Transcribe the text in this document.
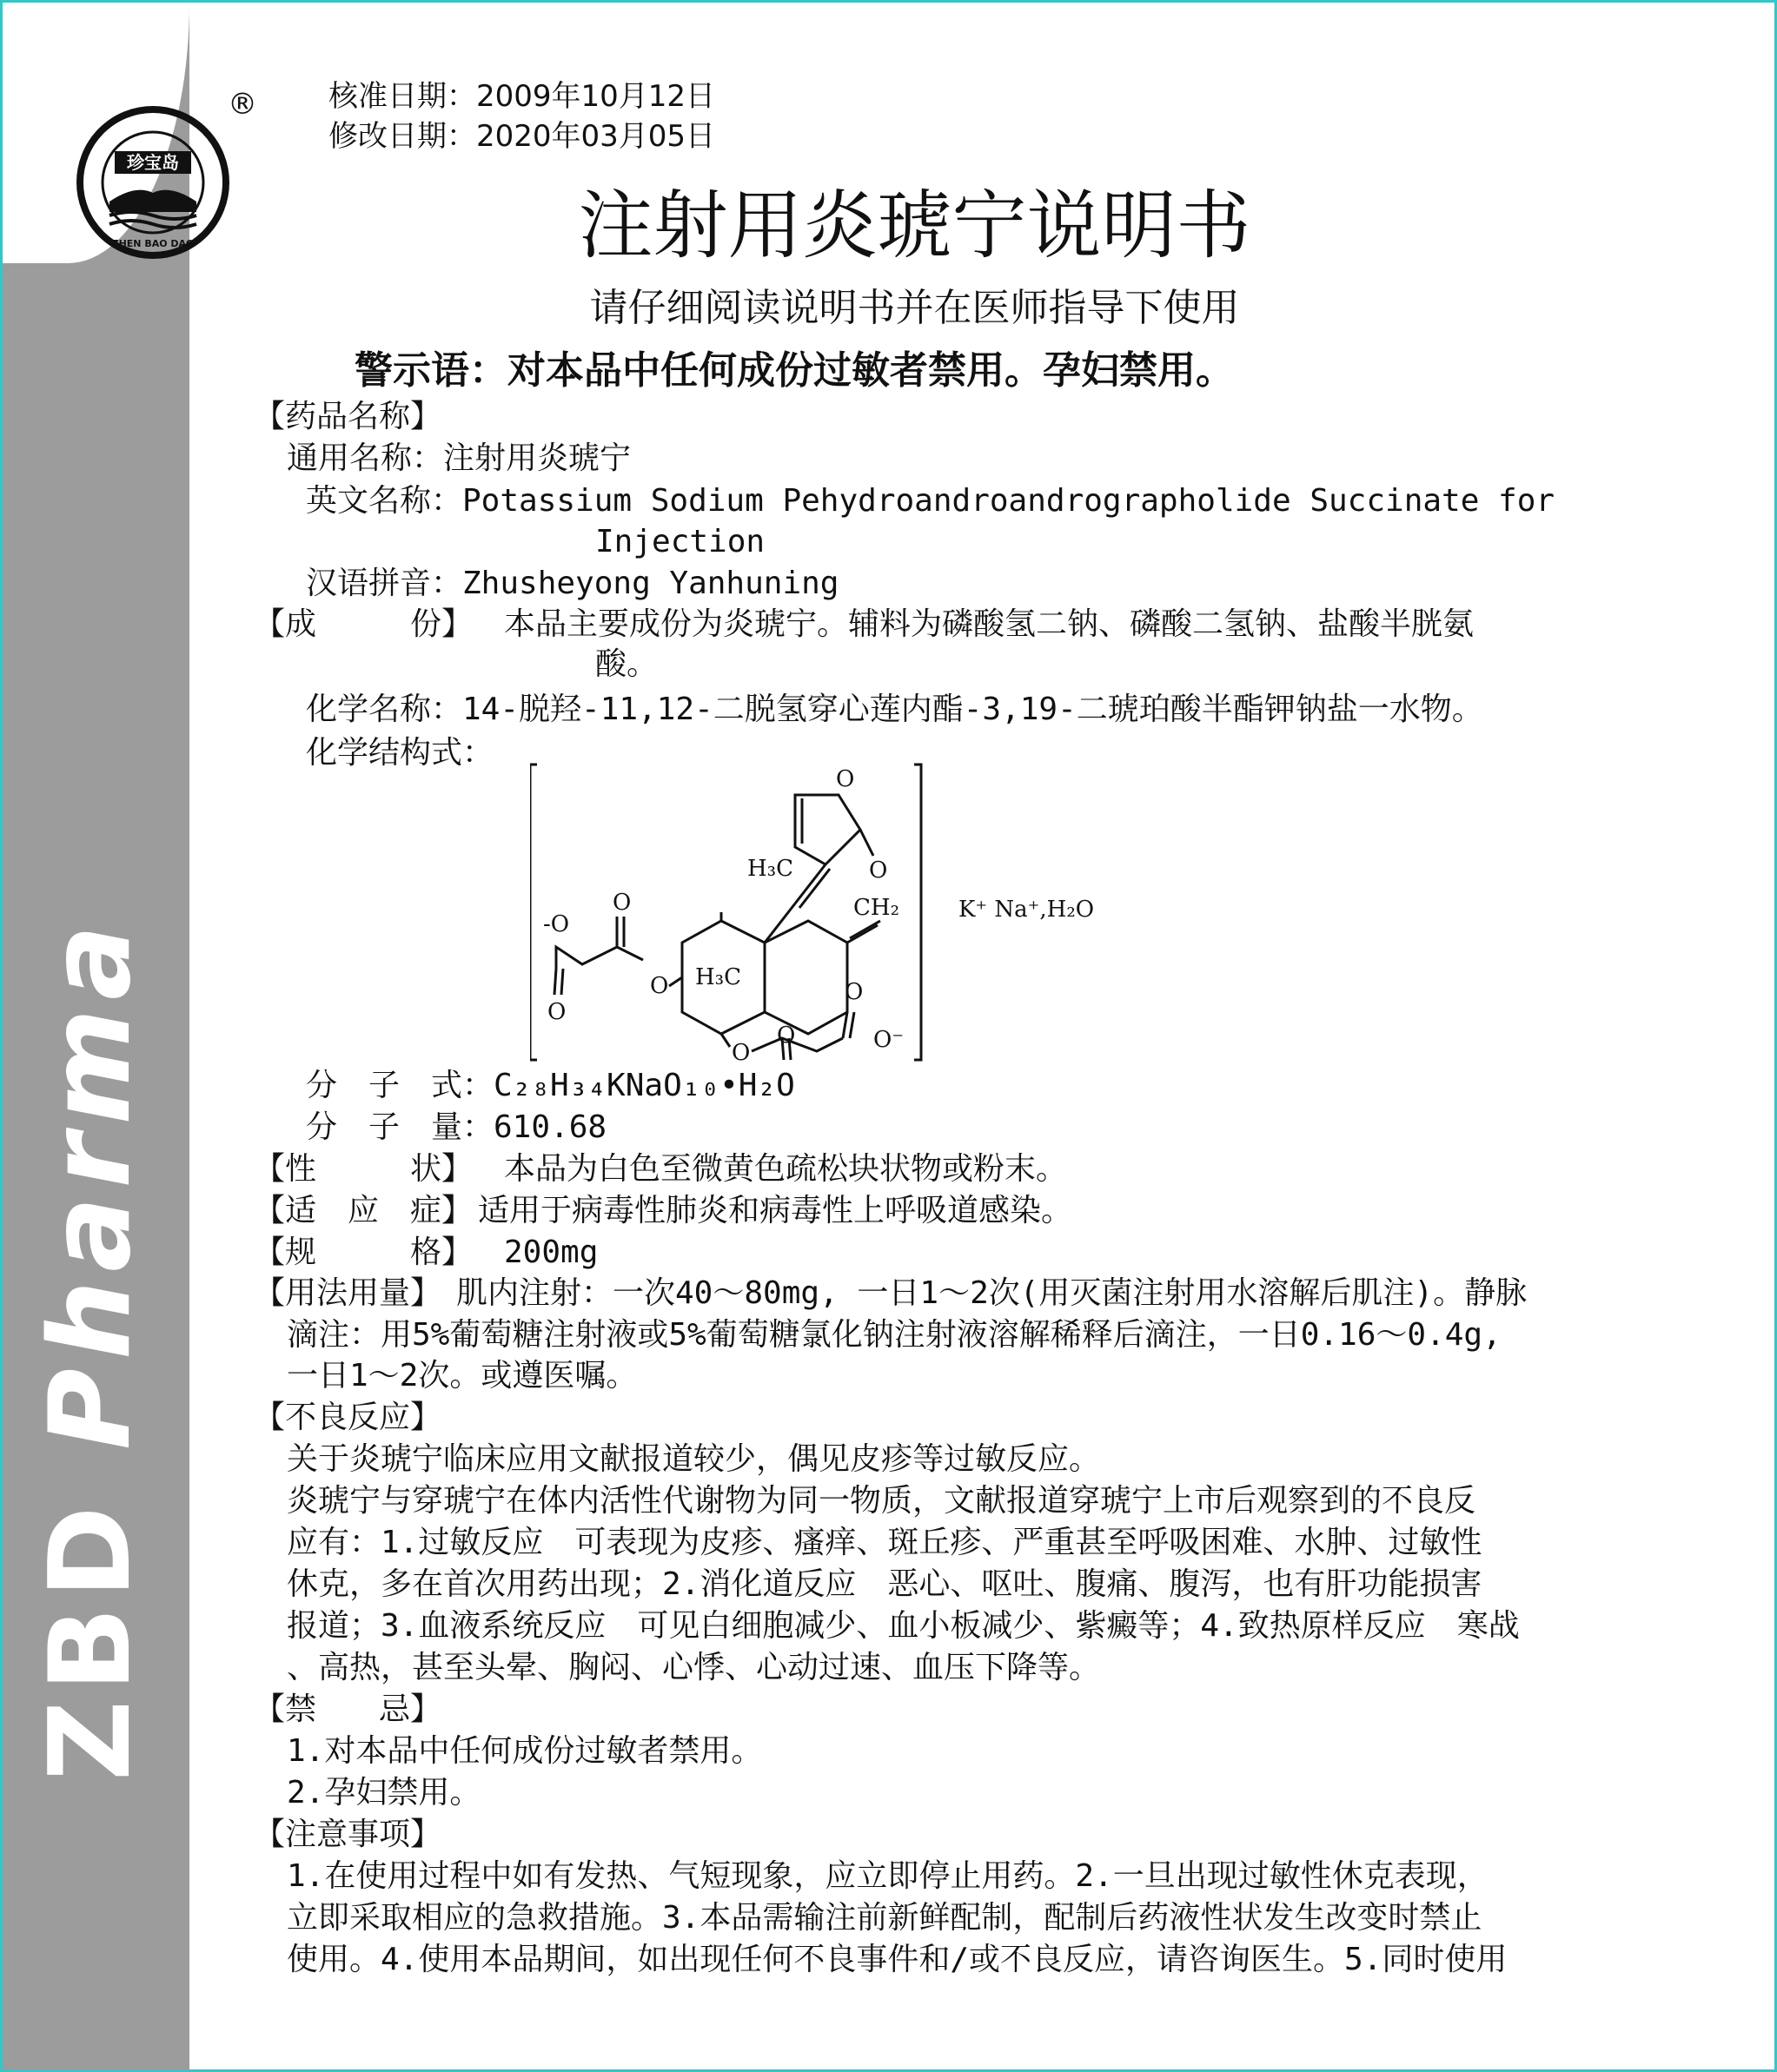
ZBD Pharma
珍宝岛
ZHEN BAO DAO
® 核准日期：2009年10月12日
修改日期：2020年03月05日
注射用炎琥宁说明书
请仔细阅读说明书并在医师指导下使用
警示语：对本品中任何成份过敏者禁用。孕妇禁用。
【药品名称】
通用名称：注射用炎琥宁
英文名称：Potassium Sodium Pehydroandroandrographolide Succinate for
Injection
汉语拼音：Zhusheyong Yanhuning
【成　　　份】 本品主要成份为炎琥宁。辅料为磷酸氢二钠、磷酸二氢钠、盐酸半胱氨
酸。
化学名称：14-脱羟-11,12-二脱氢穿心莲内酯-3,19-二琥珀酸半酯钾钠盐一水物。
化学结构式：
O
O
H₃C
CH₂
-O
O
O
O H₃C
O
O
O	O⁻
K⁺ Na⁺,H₂O
分　子　式：C₂₈H₃₄KNaO₁₀•H₂O
分　子　量：610.68
【性　　　状】 本品为白色至微黄色疏松块状物或粉末。
【适　应　症】 适用于病毒性肺炎和病毒性上呼吸道感染。
【规　　　格】 200mg
【用法用量】 肌内注射：一次40～80mg, 一日1～2次(用灭菌注射用水溶解后肌注)。静脉
滴注：用5%葡萄糖注射液或5%葡萄糖氯化钠注射液溶解稀释后滴注，一日0.16～0.4g,
一日1～2次。或遵医嘱。
【不良反应】
关于炎琥宁临床应用文献报道较少，偶见皮疹等过敏反应。
炎琥宁与穿琥宁在体内活性代谢物为同一物质，文献报道穿琥宁上市后观察到的不良反
应有：1.过敏反应　可表现为皮疹、瘙痒、斑丘疹、严重甚至呼吸困难、水肿、过敏性
休克，多在首次用药出现；2.消化道反应　恶心、呕吐、腹痛、腹泻，也有肝功能损害
报道；3.血液系统反应　可见白细胞减少、血小板减少、紫癜等；4.致热原样反应　寒战
、高热，甚至头晕、胸闷、心悸、心动过速、血压下降等。
【禁　　忌】
1.对本品中任何成份过敏者禁用。
2.孕妇禁用。
【注意事项】
1.在使用过程中如有发热、气短现象，应立即停止用药。2.一旦出现过敏性休克表现，
立即采取相应的急救措施。3.本品需输注前新鲜配制，配制后药液性状发生改变时禁止
使用。4.使用本品期间，如出现任何不良事件和/或不良反应，请咨询医生。5.同时使用
